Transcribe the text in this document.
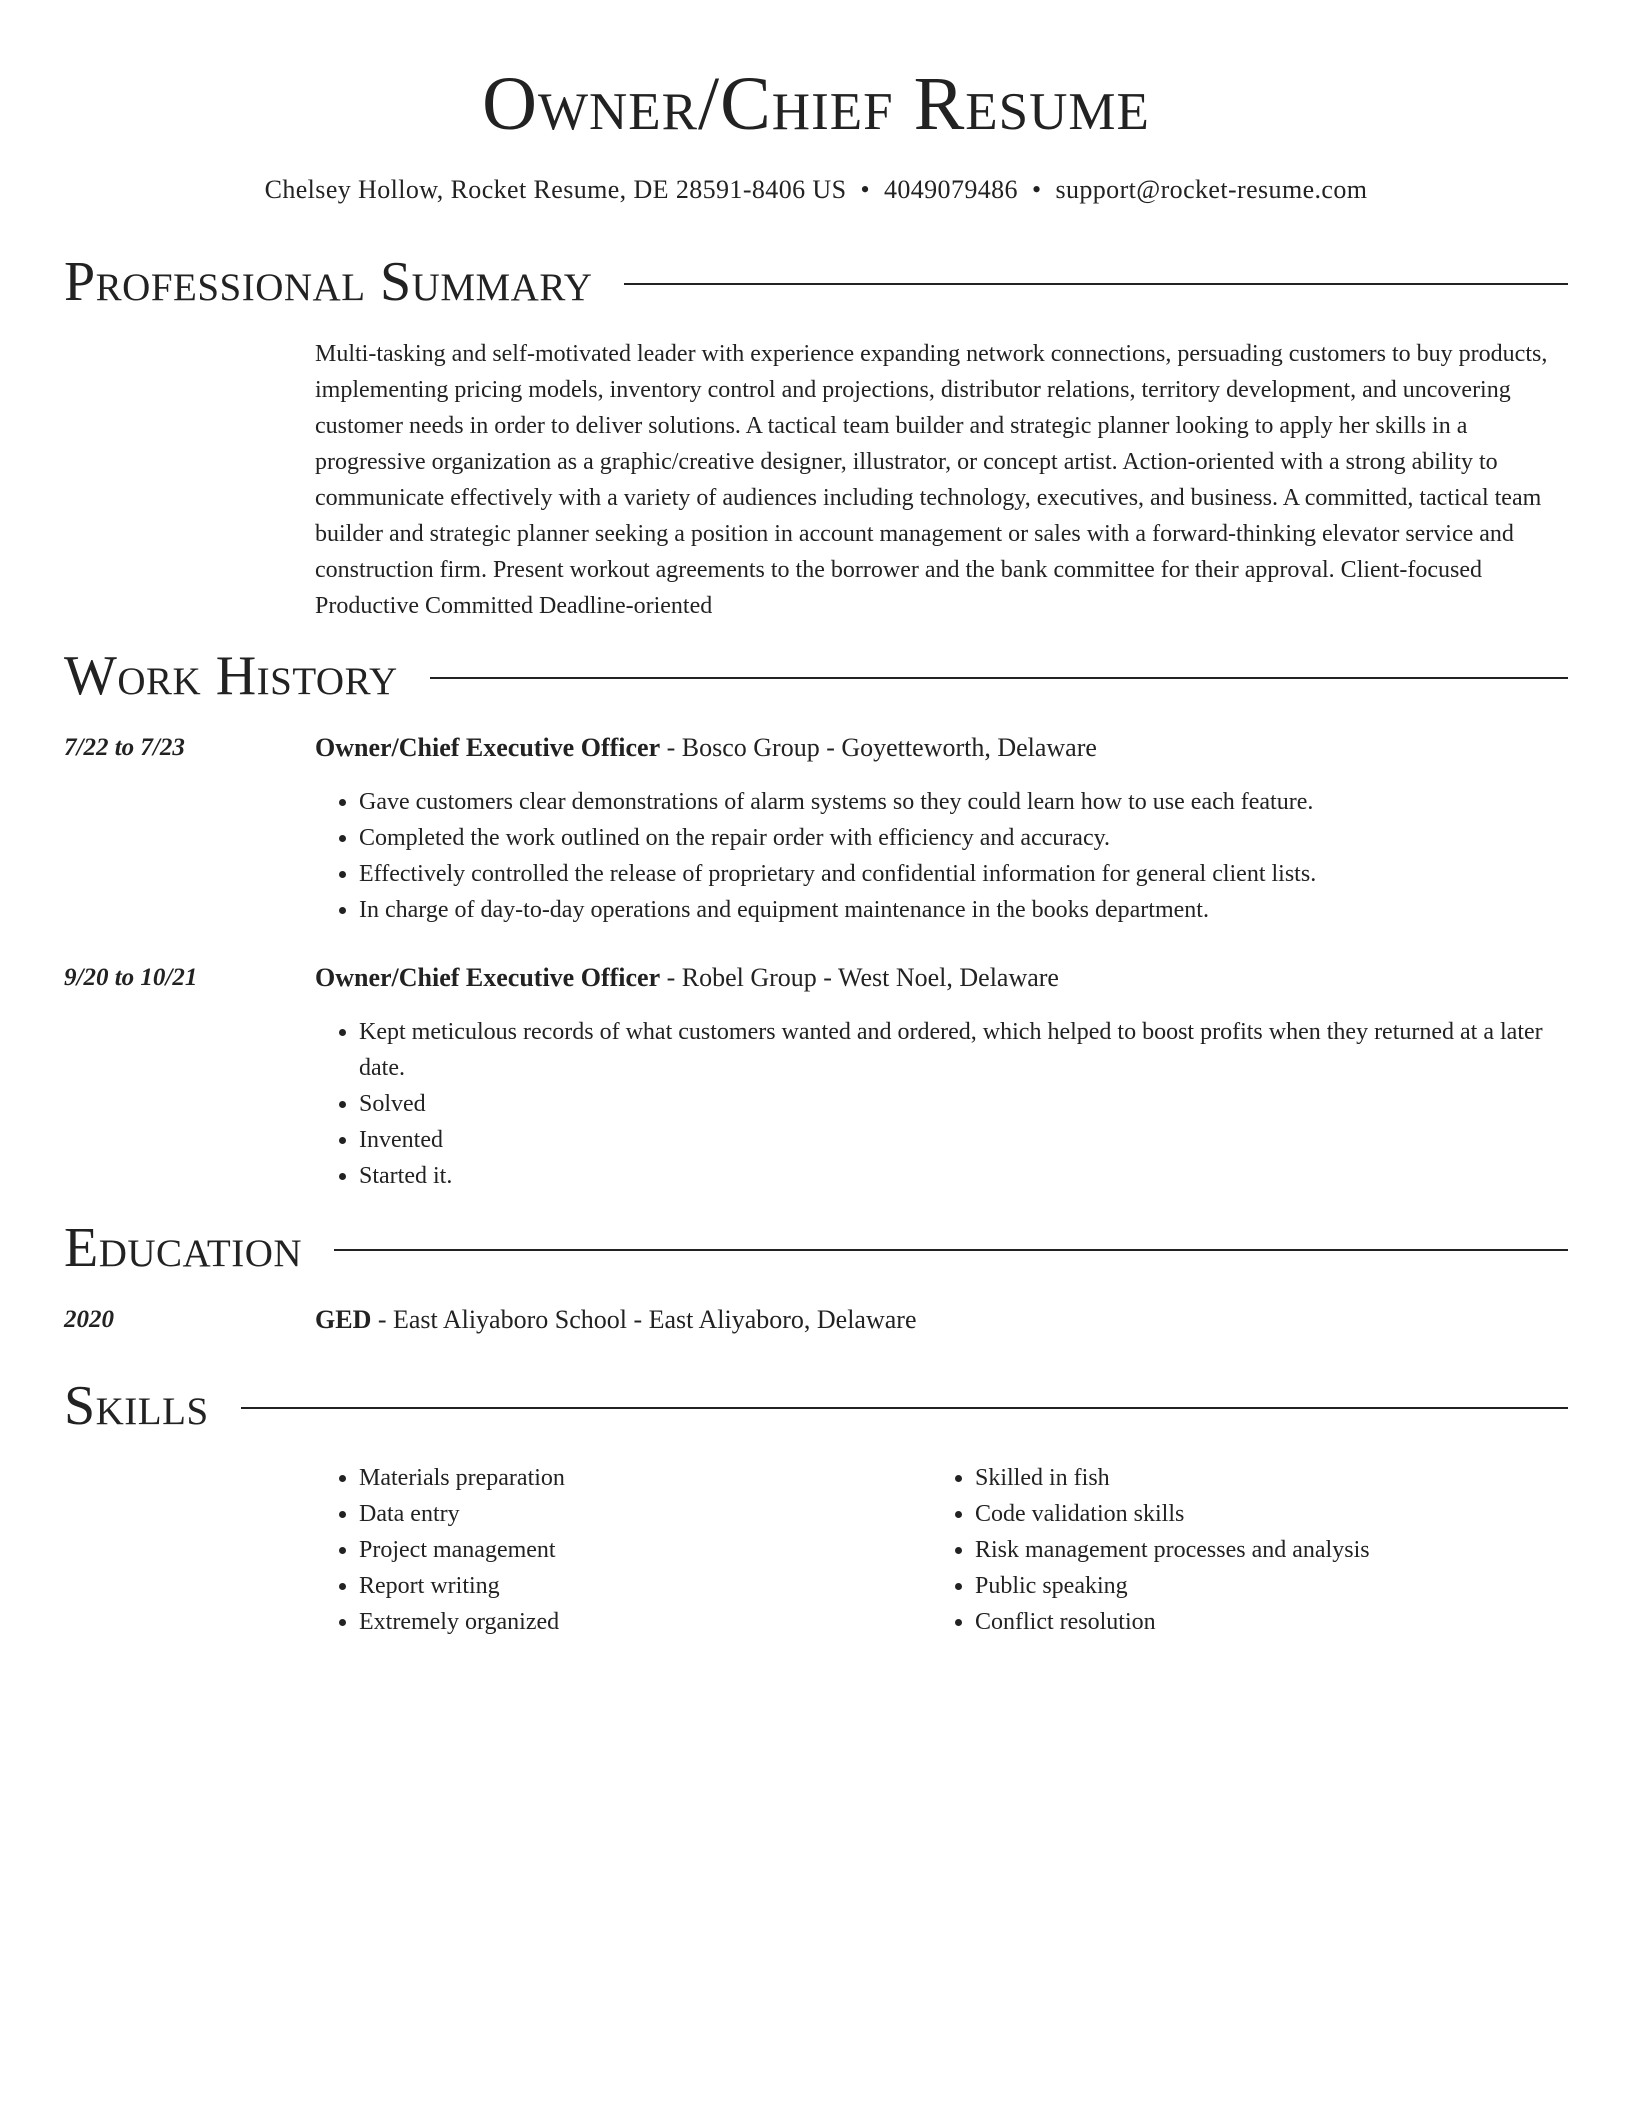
Owner/Chief Resume
Chelsey Hollow, Rocket Resume, DE 28591-8406 US • 4049079486 • support@rocket-resume.com
Professional Summary
Multi-tasking and self-motivated leader with experience expanding network connections, persuading customers to buy products, implementing pricing models, inventory control and projections, distributor relations, territory development, and uncovering customer needs in order to deliver solutions. A tactical team builder and strategic planner looking to apply her skills in a progressive organization as a graphic/creative designer, illustrator, or concept artist. Action-oriented with a strong ability to communicate effectively with a variety of audiences including technology, executives, and business. A committed, tactical team builder and strategic planner seeking a position in account management or sales with a forward-thinking elevator service and construction firm. Present workout agreements to the borrower and the bank committee for their approval. Client-focused Productive Committed Deadline-oriented
Work History
7/22 to 7/23	Owner/Chief Executive Officer - Bosco Group - Goyetteworth, Delaware
• Gave customers clear demonstrations of alarm systems so they could learn how to use each feature.
• Completed the work outlined on the repair order with efficiency and accuracy.
• Effectively controlled the release of proprietary and confidential information for general client lists.
• In charge of day-to-day operations and equipment maintenance in the books department.
9/20 to 10/21	Owner/Chief Executive Officer - Robel Group - West Noel, Delaware
• Kept meticulous records of what customers wanted and ordered, which helped to boost profits when they returned at a later date.
• Solved
• Invented
• Started it.
Education
2020	GED - East Aliyaboro School - East Aliyaboro, Delaware
Skills
• Materials preparation
• Data entry
• Project management
• Report writing
• Extremely organized
• Skilled in fish
• Code validation skills
• Risk management processes and analysis
• Public speaking
• Conflict resolution
